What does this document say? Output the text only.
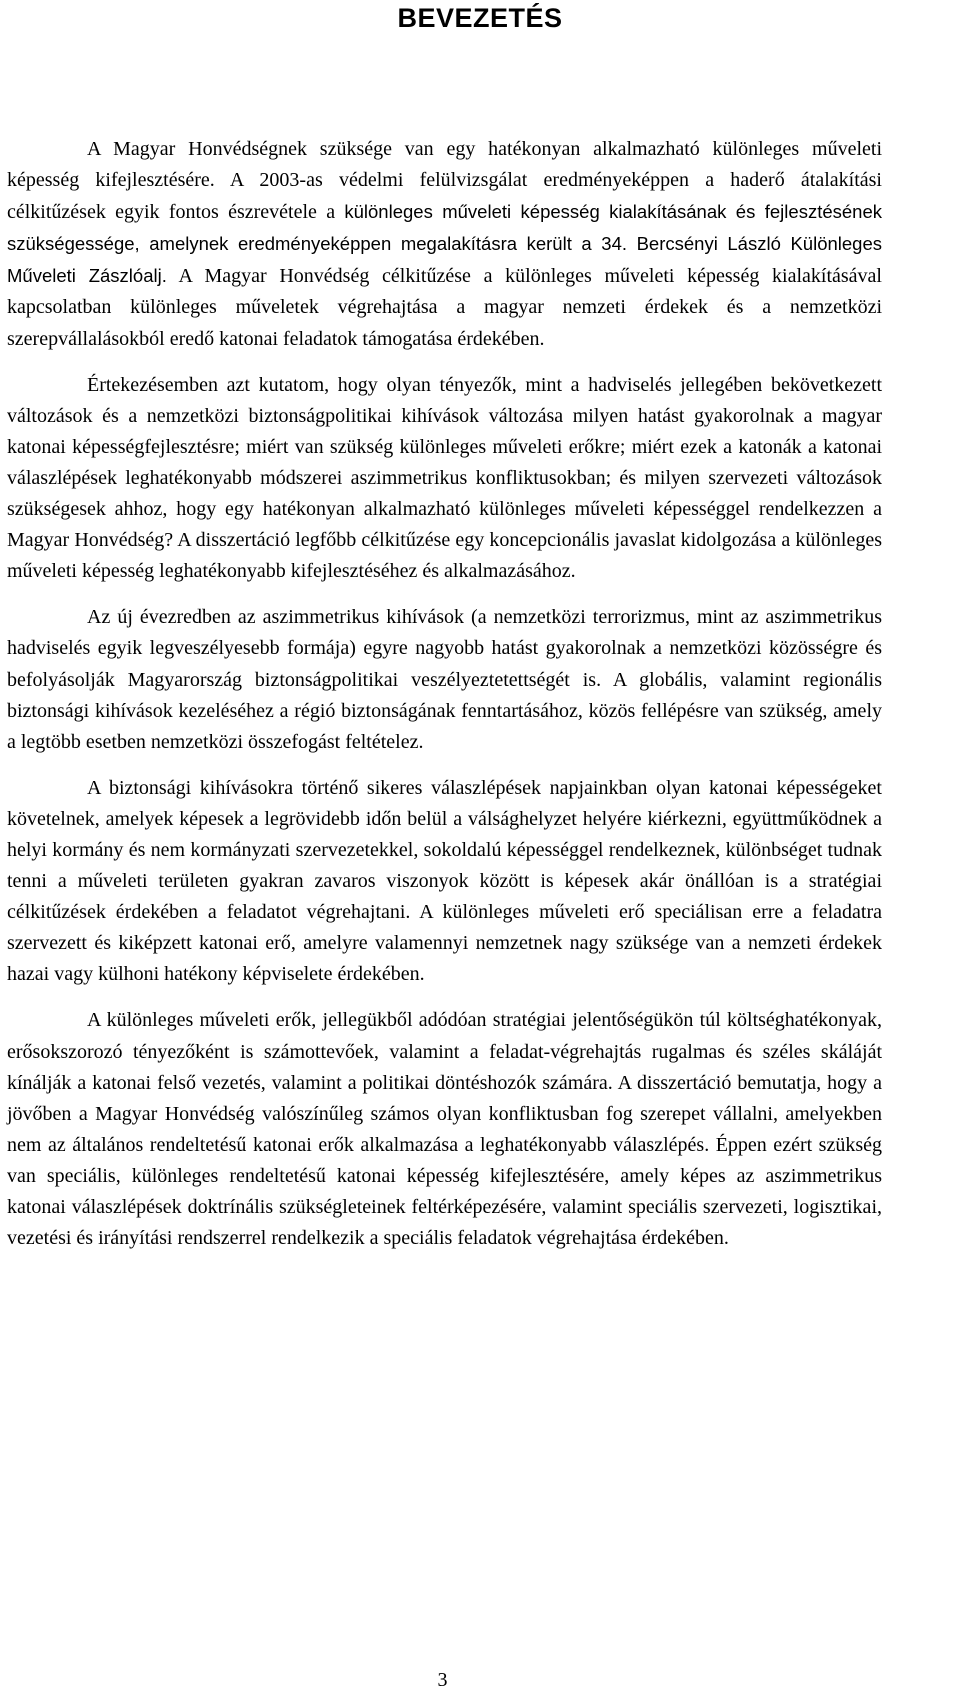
BEVEZETÉS

A Magyar Honvédségnek szüksége van egy hatékonyan alkalmazható különleges műveleti képesség kifejlesztésére. A 2003-as védelmi felülvizsgálat eredményeképpen a haderő átalakítási célkitűzések egyik fontos észrevétele a különleges műveleti képesség kialakításának és fejlesztésének szükségessége, amelynek eredményeképpen megalakításra került a 34. Bercsényi László Különleges Műveleti Zászlóalj. A Magyar Honvédség célkitűzése a különleges műveleti képesség kialakításával kapcsolatban különleges műveletek végrehajtása a magyar nemzeti érdekek és a nemzetközi szerepvállalásokból eredő katonai feladatok támogatása érdekében.

Értekezésemben azt kutatom, hogy olyan tényezők, mint a hadviselés jellegében bekövetkezett változások és a nemzetközi biztonságpolitikai kihívások változása milyen hatást gyakorolnak a magyar katonai képességfejlesztésre; miért van szükség különleges műveleti erőkre; miért ezek a katonák a katonai válaszlépések leghatékonyabb módszerei aszimmetrikus konfliktusokban; és milyen szervezeti változások szükségesek ahhoz, hogy egy hatékonyan alkalmazható különleges műveleti képességgel rendelkezzen a Magyar Honvédség? A disszertáció legfőbb célkitűzése egy koncepcionális javaslat kidolgozása a különleges műveleti képesség leghatékonyabb kifejlesztéséhez és alkalmazásához.

Az új évezredben az aszimmetrikus kihívások (a nemzetközi terrorizmus, mint az aszimmetrikus hadviselés egyik legveszélyesebb formája) egyre nagyobb hatást gyakorolnak a nemzetközi közösségre és befolyásolják Magyarország biztonságpolitikai veszélyeztetettségét is. A globális, valamint regionális biztonsági kihívások kezeléséhez a régió biztonságának fenntartásához, közös fellépésre van szükség, amely a legtöbb esetben nemzetközi összefogást feltételez.

A biztonsági kihívásokra történő sikeres válaszlépések napjainkban olyan katonai képességeket követelnek, amelyek képesek a legrövidebb időn belül a válsághelyzet helyére kiérkezni, együttműködnek a helyi kormány és nem kormányzati szervezetekkel, sokoldalú képességgel rendelkeznek, különbséget tudnak tenni a műveleti területen gyakran zavaros viszonyok között is képesek akár önállóan is a stratégiai célkitűzések érdekében a feladatot végrehajtani. A különleges műveleti erő speciálisan erre a feladatra szervezett és kiképzett katonai erő, amelyre valamennyi nemzetnek nagy szüksége van a nemzeti érdekek hazai vagy külhoni hatékony képviselete érdekében.

A különleges műveleti erők, jellegükből adódóan stratégiai jelentőségükön túl költséghatékonyak, erősokszorozó tényezőként is számottevőek, valamint a feladat-végrehajtás rugalmas és széles skáláját kínálják a katonai felső vezetés, valamint a politikai döntéshozók számára. A disszertáció bemutatja, hogy a jövőben a Magyar Honvédség valószínűleg számos olyan konfliktusban fog szerepet vállalni, amelyekben nem az általános rendeltetésű katonai erők alkalmazása a leghatékonyabb válaszlépés. Éppen ezért szükség van speciális, különleges rendeltetésű katonai képesség kifejlesztésére, amely képes az aszimmetrikus katonai válaszlépések doktrínális szükségleteinek feltérképezésére, valamint speciális szervezeti, logisztikai, vezetési és irányítási rendszerrel rendelkezik a speciális feladatok végrehajtása érdekében.

3
